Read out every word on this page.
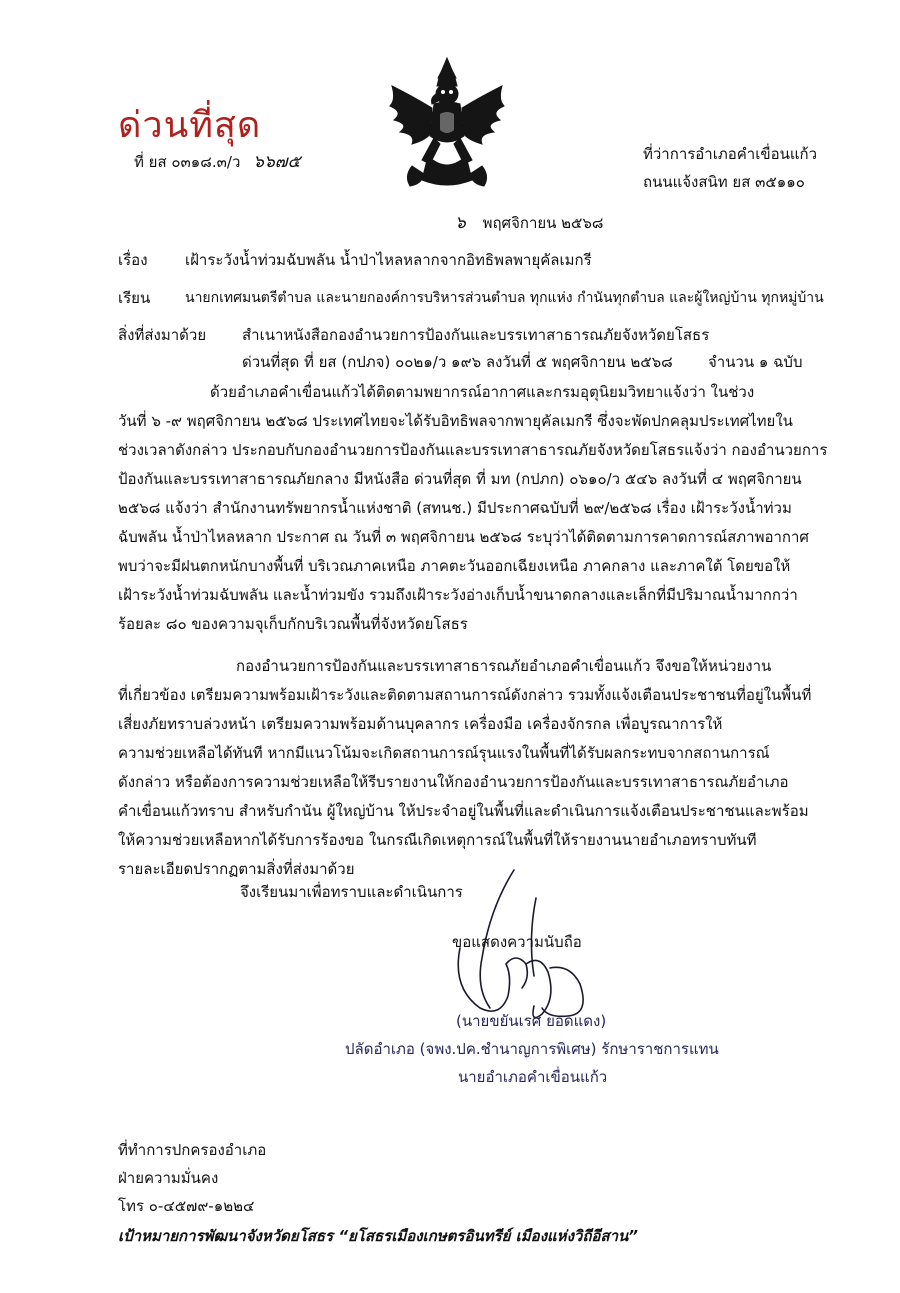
ด่วนที่สุด
ที่ ยส ๐๓๑๘.๓/ว ๖๖๗๕	ที่ว่าการอำเภอคำเขื่อนแก้ว
ถนนแจ้งสนิท ยส ๓๕๑๑๐
๖ พฤศจิกายน ๒๕๖๘
เรื่อง เฝ้าระวังน้ำท่วมฉับพลัน น้ำป่าไหลหลากจากอิทธิพลพายุคัลเมกรี
เรียน นายกเทศมนตรีตำบล และนายกองค์การบริหารส่วนตำบล ทุกแห่ง กำนันทุกตำบล และผู้ใหญ่บ้าน ทุกหมู่บ้าน
สิ่งที่ส่งมาด้วย สำเนาหนังสือกองอำนวยการป้องกันและบรรเทาสาธารณภัยจังหวัดยโสธร
ด่วนที่สุด ที่ ยส (กปภจ) ๐๐๒๑/ว ๑๙๖ ลงวันที่ ๕ พฤศจิกายน ๒๕๖๘ จำนวน ๑ ฉบับ
ด้วยอำเภอคำเขื่อนแก้วได้ติดตามพยากรณ์อากาศและกรมอุตุนิยมวิทยาแจ้งว่า ในช่วง
วันที่ ๖ -๙ พฤศจิกายน ๒๕๖๘ ประเทศไทยจะได้รับอิทธิพลจากพายุคัลเมกรี ซึ่งจะพัดปกคลุมประเทศไทยใน
ช่วงเวลาดังกล่าว ประกอบกับกองอำนวยการป้องกันและบรรเทาสาธารณภัยจังหวัดยโสธรแจ้งว่า กองอำนวยการ
ป้องกันและบรรเทาสาธารณภัยกลาง มีหนังสือ ด่วนที่สุด ที่ มท (กปภก) ๐๖๑๐/ว ๕๔๖ ลงวันที่ ๔ พฤศจิกายน
๒๕๖๘ แจ้งว่า สำนักงานทรัพยากรน้ำแห่งชาติ (สทนช.) มีประกาศฉบับที่ ๒๙/๒๕๖๘ เรื่อง เฝ้าระวังน้ำท่วม
ฉับพลัน น้ำป่าไหลหลาก ประกาศ ณ วันที่ ๓ พฤศจิกายน ๒๕๖๘ ระบุว่าได้ติดตามการคาดการณ์สภาพอากาศ
พบว่าจะมีฝนตกหนักบางพื้นที่ บริเวณภาคเหนือ ภาคตะวันออกเฉียงเหนือ ภาคกลาง และภาคใต้ โดยขอให้
เฝ้าระวังน้ำท่วมฉับพลัน และน้ำท่วมขัง รวมถึงเฝ้าระวังอ่างเก็บน้ำขนาดกลางและเล็กที่มีปริมาณน้ำมากกว่า
ร้อยละ ๘๐ ของความจุเก็บกักบริเวณพื้นที่จังหวัดยโสธร
กองอำนวยการป้องกันและบรรเทาสาธารณภัยอำเภอคำเขื่อนแก้ว จึงขอให้หน่วยงาน
ที่เกี่ยวข้อง เตรียมความพร้อมเฝ้าระวังและติดตามสถานการณ์ดังกล่าว รวมทั้งแจ้งเตือนประชาชนที่อยู่ในพื้นที่
เสี่ยงภัยทราบล่วงหน้า เตรียมความพร้อมด้านบุคลากร เครื่องมือ เครื่องจักรกล เพื่อบูรณาการให้
ความช่วยเหลือได้ทันที หากมีแนวโน้มจะเกิดสถานการณ์รุนแรงในพื้นที่ได้รับผลกระทบจากสถานการณ์
ดังกล่าว หรือต้องการความช่วยเหลือให้รีบรายงานให้กองอำนวยการป้องกันและบรรเทาสาธารณภัยอำเภอ
คำเขื่อนแก้วทราบ สำหรับกำนัน ผู้ใหญ่บ้าน ให้ประจำอยู่ในพื้นที่และดำเนินการแจ้งเตือนประชาชนและพร้อม
ให้ความช่วยเหลือหากได้รับการร้องขอ ในกรณีเกิดเหตุการณ์ในพื้นที่ให้รายงานนายอำเภอทราบทันที
รายละเอียดปรากฏตามสิ่งที่ส่งมาด้วย
จึงเรียนมาเพื่อทราบและดำเนินการ
ขอแสดงความนับถือ
(นายขยันเรศ ยอดแดง)
ปลัดอำเภอ (จพง.ปค.ชำนาญการพิเศษ) รักษาราชการแทน
นายอำเภอคำเขื่อนแก้ว
ที่ทำการปกครองอำเภอ
ฝ่ายความมั่นคง
โทร ๐-๔๕๗๙-๑๒๒๔
เป้าหมายการพัฒนาจังหวัดยโสธร “ยโสธรเมืองเกษตรอินทรีย์ เมืองแห่งวิถีอีสาน”
